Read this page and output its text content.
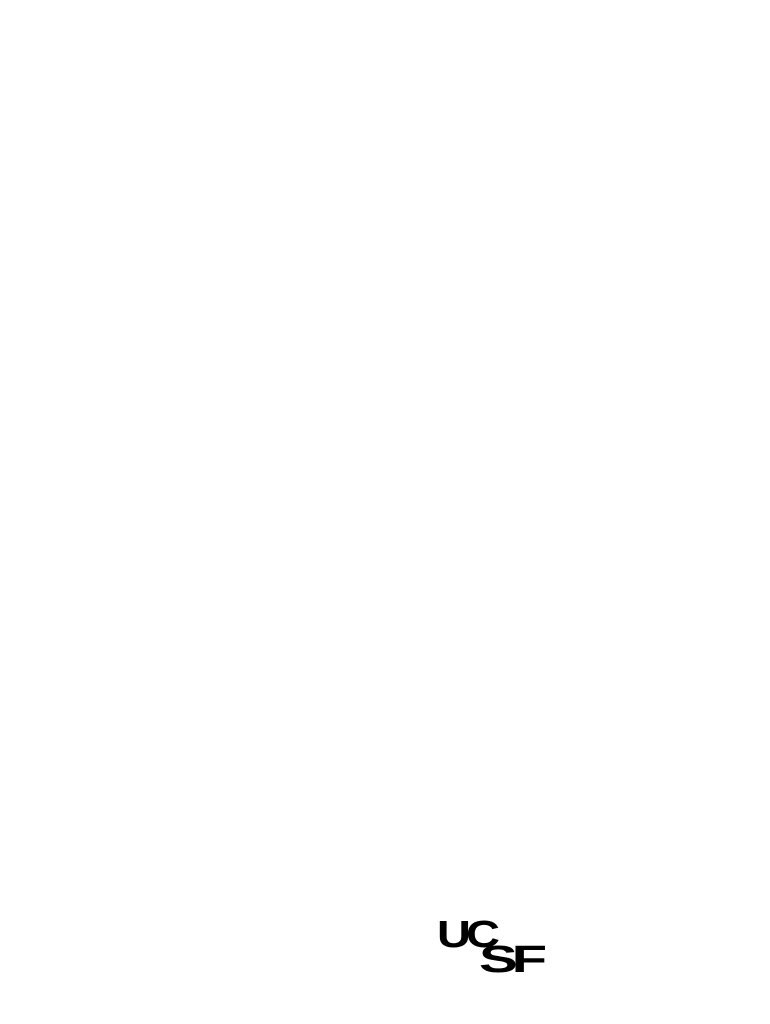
UC
SF
